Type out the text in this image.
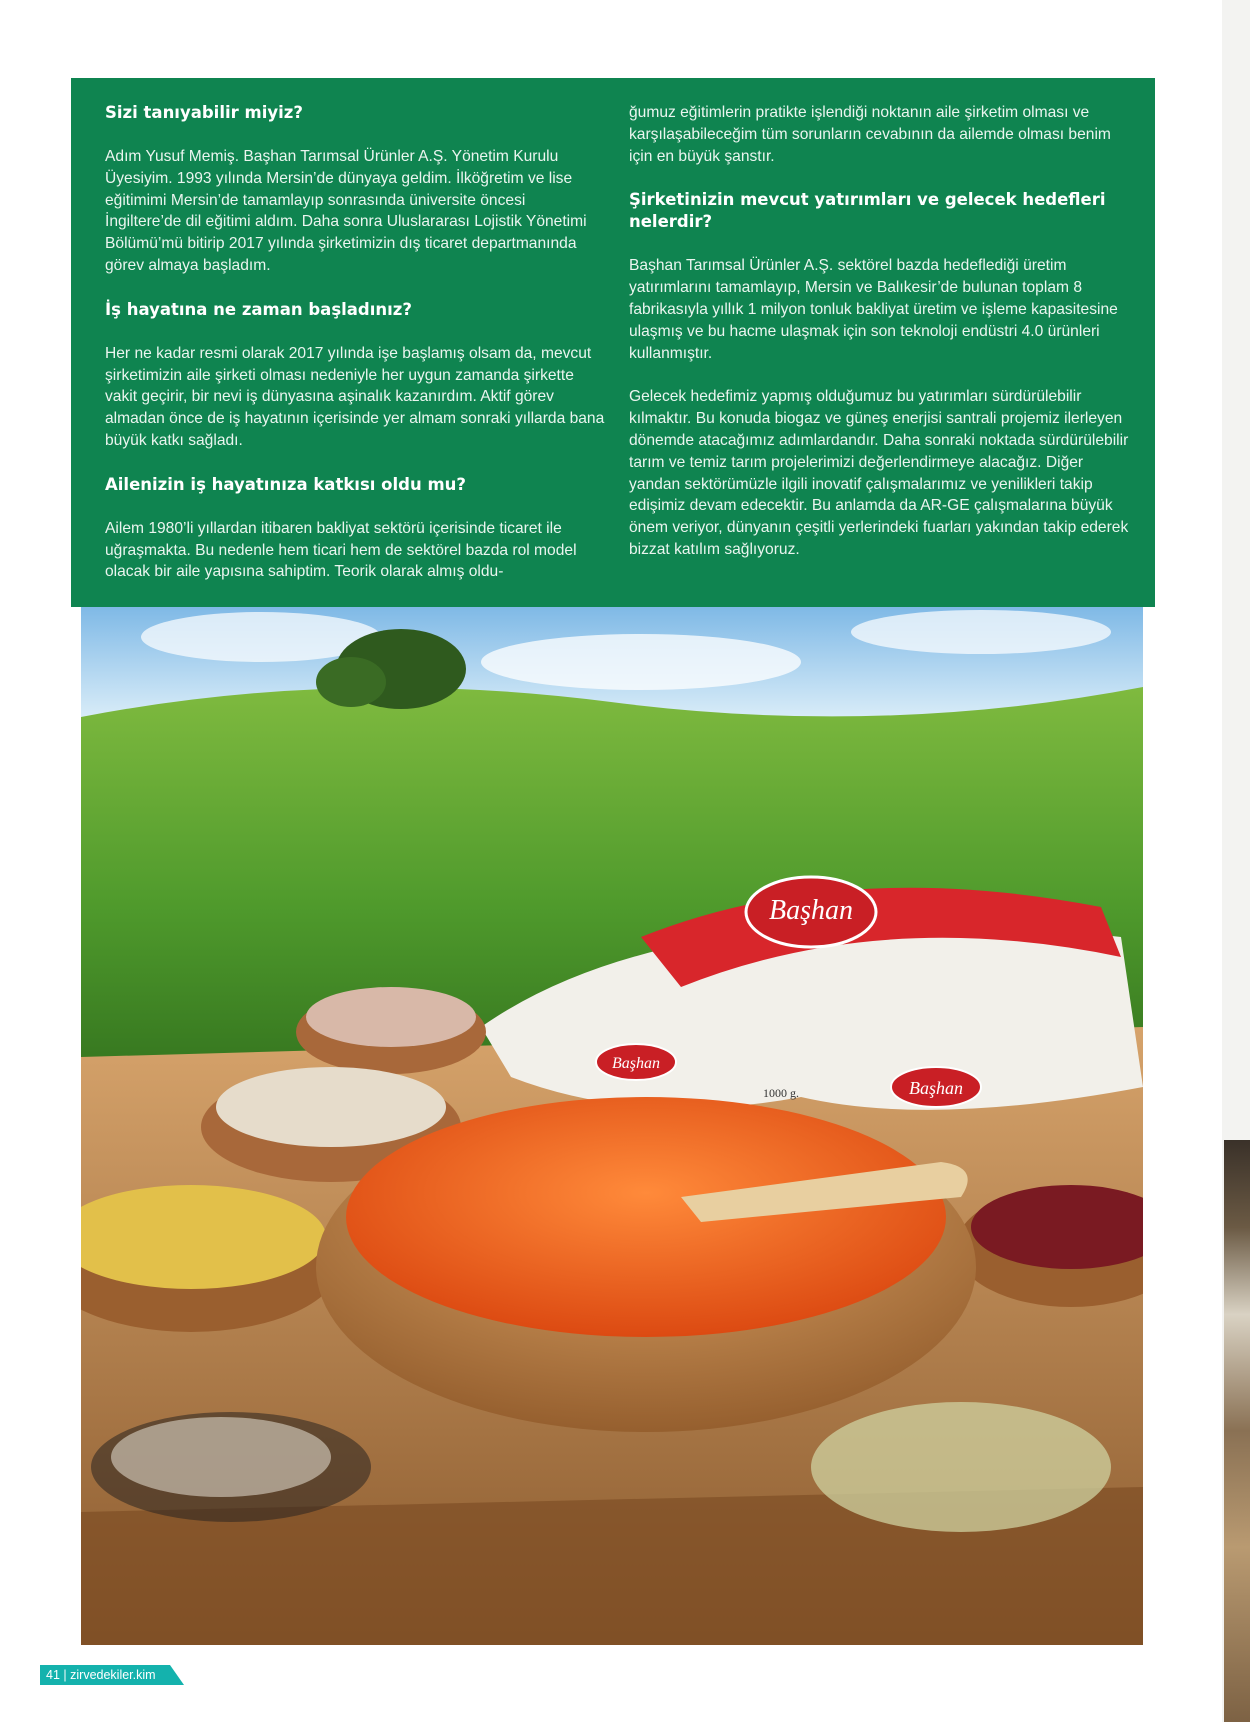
Sizi tanıyabilir miyiz?

Adım Yusuf Memiş. Başhan Tarımsal Ürünler A.Ş. Yönetim Kurulu Üyesiyim. 1993 yılında Mersin’de dünyaya geldim. İlköğretim ve lise eğitimimi Mersin’de tamamlayıp sonrasında üniversite öncesi İngiltere’de dil eğitimi aldım. Daha sonra Uluslararası Lojistik Yönetimi Bölümü’mü bitirip 2017 yılında şirketimizin dış ticaret departmanında görev almaya başladım.

İş hayatına ne zaman başladınız?

Her ne kadar resmi olarak 2017 yılında işe başlamış olsam da, mevcut şirketimizin aile şirketi olması nedeniyle her uygun zamanda şirkette vakit geçirir, bir nevi iş dünyasına aşinalık kazanırdım. Aktif görev almadan önce de iş hayatının içerisinde yer almam sonraki yıllarda bana büyük katkı sağladı.

Ailenizin iş hayatınıza katkısı oldu mu?

Ailem 1980’li yıllardan itibaren bakliyat sektörü içerisinde ticaret ile uğraşmakta. Bu nedenle hem ticari hem de sektörel bazda rol model olacak bir aile yapısına sahiptim. Teorik olarak almış oldu-

ğumuz eğitimlerin pratikte işlendiği noktanın aile şirketim olması ve karşılaşabileceğim tüm sorunların cevabının da ailemde olması benim için en büyük şanstır.

Şirketinizin mevcut yatırımları ve gelecek hedefleri nelerdir?

Başhan Tarımsal Ürünler A.Ş. sektörel bazda hedeflediği üretim yatırımlarını tamamlayıp, Mersin ve Balıkesir’de bulunan toplam 8 fabrikasıyla yıllık 1 milyon tonluk bakliyat üretim ve işleme kapasitesine ulaşmış ve bu hacme ulaşmak için son teknoloji endüstri 4.0 ürünleri kullanmıştır.

Gelecek hedefimiz yapmış olduğumuz bu yatırımları sürdürülebilir kılmaktır. Bu konuda biogaz ve güneş enerjisi santrali projemiz ilerleyen dönemde atacağımız adımlardandır. Daha sonraki noktada sürdürülebilir tarım ve temiz tarım projelerimizi değerlendirmeye alacağız. Diğer yandan sektörümüzle ilgili inovatif çalışmalarımız ve yenilikleri takip edişimiz devam edecektir. Bu anlamda da AR-GE çalışmalarına büyük önem veriyor, dünyanın çeşitli yerlerindeki fuarları yakından takip ederek bizzat katılım sağlıyoruz.

Başhan
Başhan
Başhan
1000 g.
41 | zirvedekiler.kim
